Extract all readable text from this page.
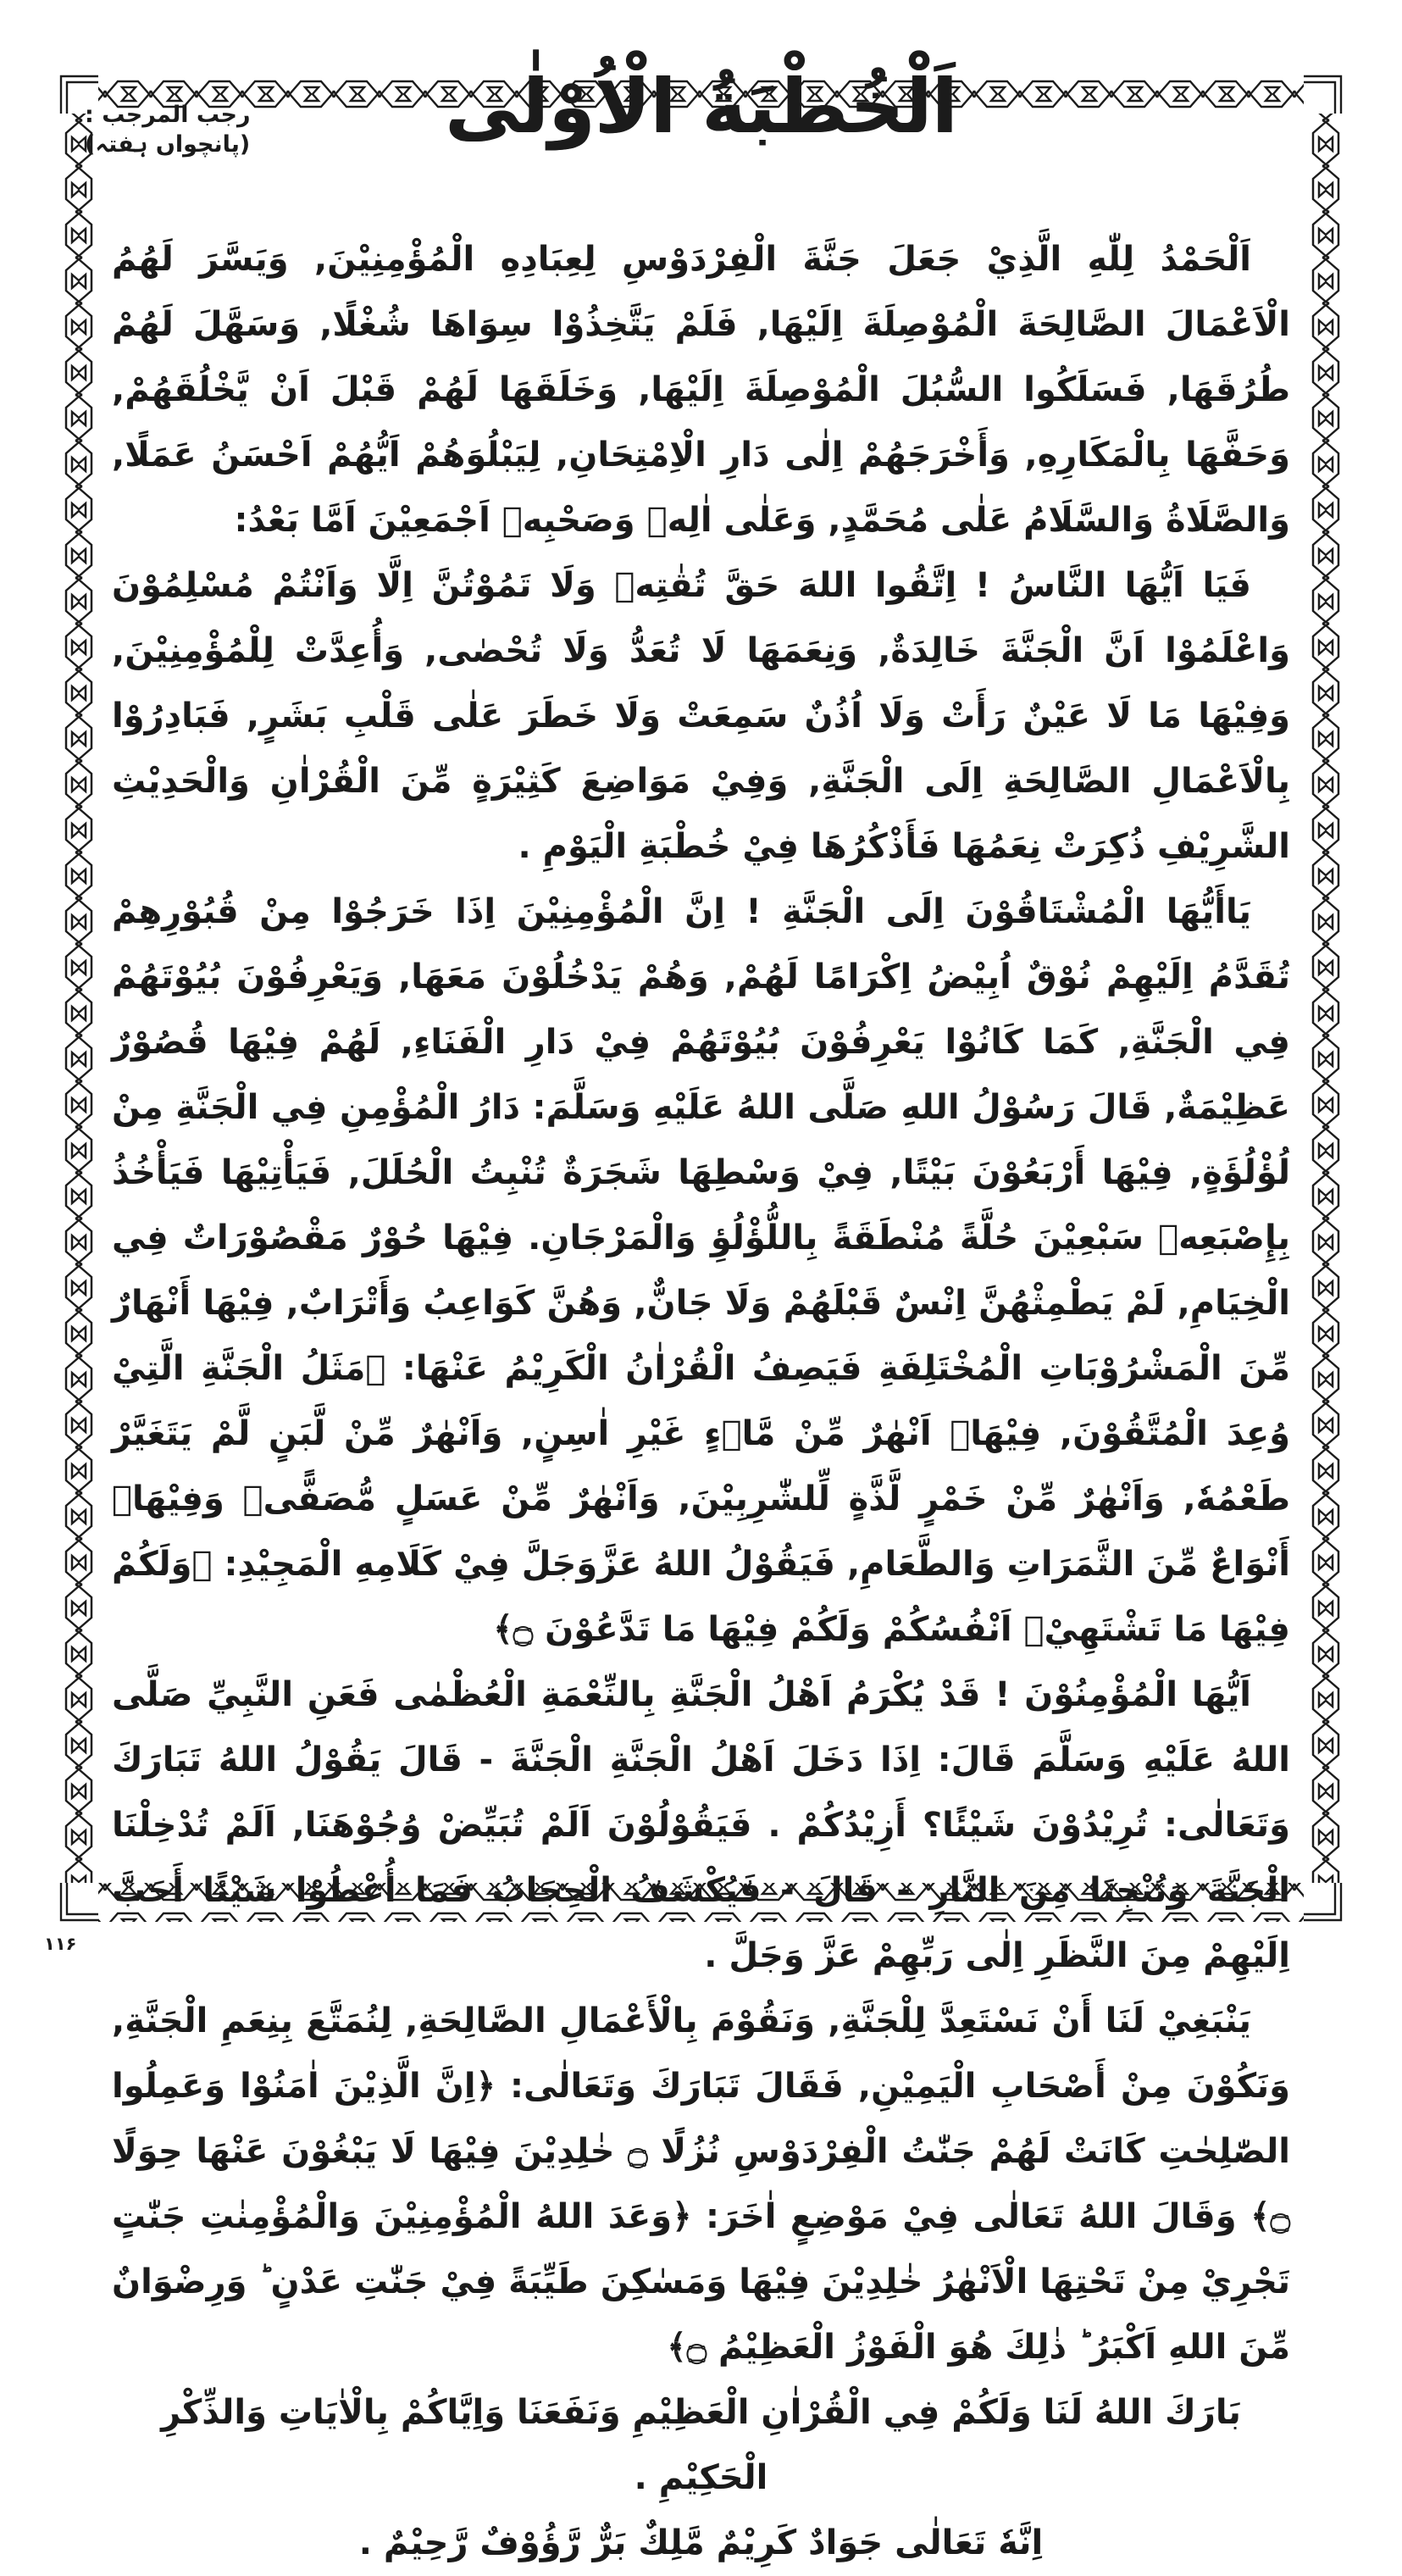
رجب المرجب :(پانچواں ہفتہ)	اَلْخُطْبَةُ الْاُوْلٰى

اَلْحَمْدُ لِلّٰهِ الَّذِيْ جَعَلَ جَنَّةَ الْفِرْدَوْسِ لِعِبَادِهِ الْمُؤْمِنِيْنَ, وَيَسَّرَ لَهُمُ الْاَعْمَالَ الصَّالِحَةَ الْمُوْصِلَةَ اِلَيْهَا, فَلَمْ يَتَّخِذُوْا سِوَاهَا شُغْلًا, وَسَهَّلَ لَهُمْ طُرُقَهَا, فَسَلَكُوا السُّبُلَ الْمُوْصِلَةَ اِلَيْهَا, وَخَلَقَهَا لَهُمْ قَبْلَ اَنْ يَّخْلُقَهُمْ, وَحَفَّهَا بِالْمَكَارِهِ, وَأَخْرَجَهُمْ اِلٰى دَارِ الْاِمْتِحَانِ, لِيَبْلُوَهُمْ اَيُّهُمْ اَحْسَنُ عَمَلًا, وَالصَّلَاةُ وَالسَّلَامُ عَلٰى مُحَمَّدٍ, وَعَلٰى اٰلِهٖ وَصَحْبِهٖ اَجْمَعِيْنَ اَمَّا بَعْدُ:

فَيَا اَيُّهَا النَّاسُ ! اِتَّقُوا اللهَ حَقَّ تُقٰتِهٖ وَلَا تَمُوْتُنَّ اِلَّا وَاَنْتُمْ مُسْلِمُوْنَ وَاعْلَمُوْا اَنَّ الْجَنَّةَ خَالِدَةٌ, وَنِعَمَهَا لَا تُعَدُّ وَلَا تُحْصٰى, وَأُعِدَّتْ لِلْمُؤْمِنِيْنَ, وَفِيْهَا مَا لَا عَيْنٌ رَأَتْ وَلَا اُذُنٌ سَمِعَتْ وَلَا خَطَرَ عَلٰى قَلْبِ بَشَرٍ, فَبَادِرُوْا بِالْاَعْمَالِ الصَّالِحَةِ اِلَى الْجَنَّةِ, وَفِيْ مَوَاضِعَ كَثِيْرَةٍ مِّنَ الْقُرْاٰنِ وَالْحَدِيْثِ الشَّرِيْفِ ذُكِرَتْ نِعَمُهَا فَأَذْكُرُهَا فِيْ خُطْبَةِ الْيَوْمِ .

يَاأَيُّهَا الْمُشْتَاقُوْنَ اِلَى الْجَنَّةِ ! اِنَّ الْمُؤْمِنِيْنَ اِذَا خَرَجُوْا مِنْ قُبُوْرِهِمْ تُقَدَّمُ اِلَيْهِمْ نُوْقٌ اُبِيْضُ اِكْرَامًا لَهُمْ, وَهُمْ يَدْخُلُوْنَ مَعَهَا, وَيَعْرِفُوْنَ بُيُوْتَهُمْ فِي الْجَنَّةِ, كَمَا كَانُوْا يَعْرِفُوْنَ بُيُوْتَهُمْ فِيْ دَارِ الْفَنَاءِ, لَهُمْ فِيْهَا قُصُوْرٌ عَظِيْمَةٌ, قَالَ رَسُوْلُ اللهِ صَلَّى اللهُ عَلَيْهِ وَسَلَّمَ: دَارُ الْمُؤْمِنِ فِي الْجَنَّةِ مِنْ لُؤْلُؤَةٍ, فِيْهَا أَرْبَعُوْنَ بَيْتًا, فِيْ وَسْطِهَا شَجَرَةٌ تُنْبِتُ الْحُلَلَ, فَيَأْتِيْهَا فَيَأْخُذُ بِإِصْبَعِهٖ سَبْعِيْنَ حُلَّةً مُنْطَقَةً بِاللُّؤْلُؤِ وَالْمَرْجَانِ. فِيْهَا حُوْرٌ مَقْصُوْرَاتٌ فِي الْخِيَامِ, لَمْ يَطْمِثْهُنَّ اِنْسٌ قَبْلَهُمْ وَلَا جَانٌّ, وَهُنَّ كَوَاعِبُ وَأَتْرَابٌ, فِيْهَا أَنْهَارٌ مِّنَ الْمَشْرُوْبَاتِ الْمُخْتَلِفَةِ فَيَصِفُ الْقُرْاٰنُ الْكَرِيْمُ عَنْهَا: ﴿مَثَلُ الْجَنَّةِ الَّتِيْ وُعِدَ الْمُتَّقُوْنَ, فِيْهَاۤ اَنْهٰرٌ مِّنْ مَّاۤءٍ غَيْرِ اٰسِنٍ, وَاَنْهٰرٌ مِّنْ لَّبَنٍ لَّمْ يَتَغَيَّرْ طَعْمُهٗ, وَاَنْهٰرٌ مِّنْ خَمْرٍ لَّذَّةٍ لِّلشّٰرِبِيْنَ, وَاَنْهٰرٌ مِّنْ عَسَلٍ مُّصَفًّى﴾ وَفِيْهَاۤ أَنْوَاعٌ مِّنَ الثَّمَرَاتِ وَالطَّعَامِ, فَيَقُوْلُ اللهُ عَزَّوَجَلَّ فِيْ كَلَامِهِ الْمَجِيْدِ: ﴿وَلَكُمْ فِيْهَا مَا تَشْتَهِيْۤ اَنْفُسُكُمْ وَلَكُمْ فِيْهَا مَا تَدَّعُوْنَ ۝﴾

اَيُّهَا الْمُؤْمِنُوْنَ ! قَدْ يُكْرَمُ اَهْلُ الْجَنَّةِ بِالنِّعْمَةِ الْعُظْمٰى فَعَنِ النَّبِيِّ صَلَّى اللهُ عَلَيْهِ وَسَلَّمَ قَالَ: اِذَا دَخَلَ اَهْلُ الْجَنَّةِ الْجَنَّةَ - قَالَ يَقُوْلُ اللهُ تَبَارَكَ وَتَعَالٰى: تُرِيْدُوْنَ شَيْئًا؟ أَزِيْدُكُمْ . فَيَقُوْلُوْنَ اَلَمْ تُبَيِّضْ وُجُوْهَنَا, اَلَمْ تُدْخِلْنَا الْجَنَّةَ وَتُنْجِنَا مِنَ النَّارِ - قَالَ - فَيُكْشَفُ الْحِجَابُ فَمَا أُعْطُوْا شَيْئًا أَحَبَّ اِلَيْهِمْ مِنَ النَّظَرِ اِلٰى رَبِّهِمْ عَزَّ وَجَلَّ .

يَنْبَغِيْ لَنَا أَنْ نَسْتَعِدَّ لِلْجَنَّةِ, وَنَقُوْمَ بِالْأَعْمَالِ الصَّالِحَةِ, لِنُمَتَّعَ بِنِعَمِ الْجَنَّةِ, وَنَكُوْنَ مِنْ أَصْحَابِ الْيَمِيْنِ, فَقَالَ تَبَارَكَ وَتَعَالٰى: ﴿اِنَّ الَّذِيْنَ اٰمَنُوْا وَعَمِلُوا الصّٰلِحٰتِ كَانَتْ لَهُمْ جَنّٰتُ الْفِرْدَوْسِ نُزُلًا ۝ خٰلِدِيْنَ فِيْهَا لَا يَبْغُوْنَ عَنْهَا حِوَلًا ۝﴾ وَقَالَ اللهُ تَعَالٰى فِيْ مَوْضِعٍ اٰخَرَ: ﴿وَعَدَ اللهُ الْمُؤْمِنِيْنَ وَالْمُؤْمِنٰتِ جَنّٰتٍ تَجْرِيْ مِنْ تَحْتِهَا الْاَنْهٰرُ خٰلِدِيْنَ فِيْهَا وَمَسٰكِنَ طَيِّبَةً فِيْ جَنّٰتِ عَدْنٍ ؕ وَرِضْوَانٌ مِّنَ اللهِ اَكْبَرُ ؕ ذٰلِكَ هُوَ الْفَوْزُ الْعَظِيْمُ ۝﴾

بَارَكَ اللهُ لَنَا وَلَكُمْ فِي الْقُرْاٰنِ الْعَظِيْمِ وَنَفَعَنَا وَاِيَّاكُمْ بِالْاٰيَاتِ وَالذِّكْرِ الْحَكِيْمِ .

اِنَّهٗ تَعَالٰى جَوَادٌ كَرِيْمٌ مَّلِكٌ بَرٌّ رَّؤُوْفٌ رَّحِيْمٌ .

۱۱۶
